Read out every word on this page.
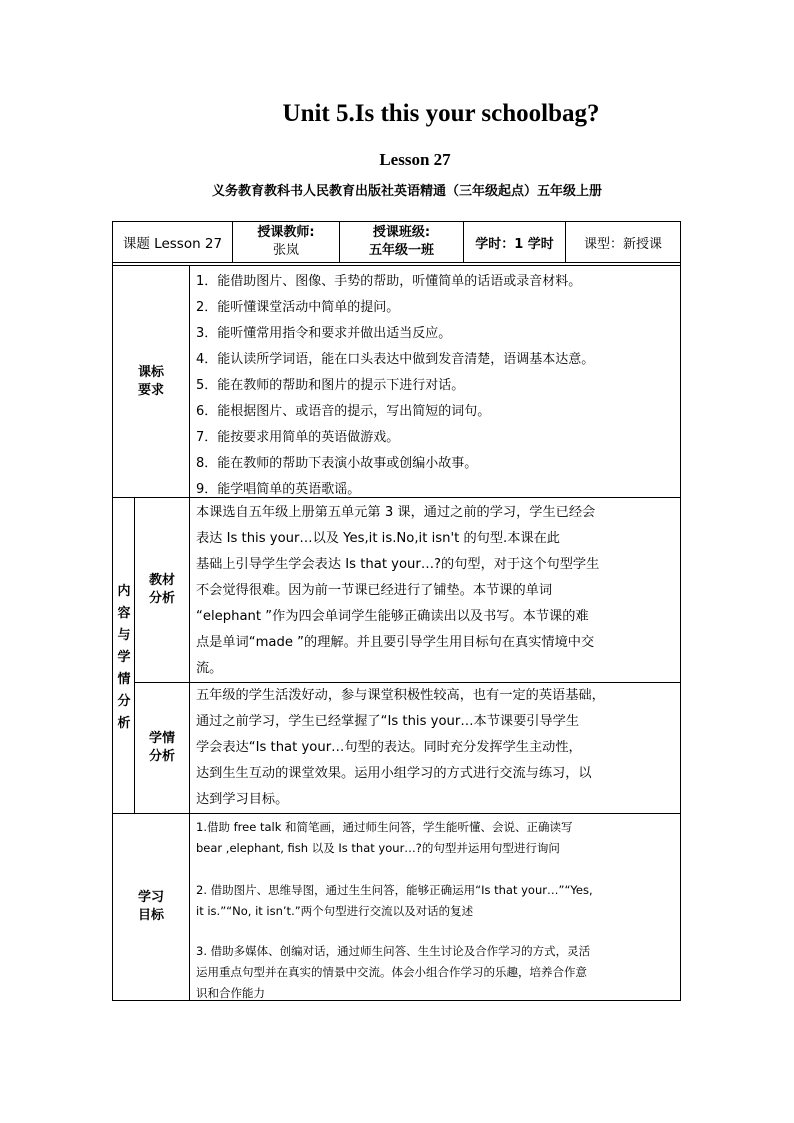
Unit 5.Is this your schoolbag?
Lesson 27
义务教育教科书人民教育出版社英语精通（三年级起点）五年级上册
课题 Lesson 27
授课教师:
张岚
授课班级:
五年级一班	学时：1 学时	课型：新授课
课标
要求
1．能借助图片、图像、手势的帮助，听懂简单的话语或录音材料。
2．能听懂课堂活动中简单的提问。
3．能听懂常用指令和要求并做出适当反应。
4．能认读所学词语，能在口头表达中做到发音清楚，语调基本达意。
5．能在教师的帮助和图片的提示下进行对话。
6．能根据图片、或语音的提示，写出简短的词句。
7．能按要求用简单的英语做游戏。
8．能在教师的帮助下表演小故事或创编小故事。
9．能学唱简单的英语歌谣。
内
容
与
学
情
分
析
教材
分析
本课选自五年级上册第五单元第 3 课，通过之前的学习，学生已经会
表达 Is this your…以及 Yes,it is.No,it isn't 的句型.本课在此
基础上引导学生学会表达 Is that your…?的句型，对于这个句型学生
不会觉得很难。因为前一节课已经进行了铺垫。本节课的单词
“elephant ”作为四会单词学生能够正确读出以及书写。本节课的难
点是单词“made ”的理解。并且要引导学生用目标句在真实情境中交
流。
学情
分析
五年级的学生活泼好动，参与课堂积极性较高，也有一定的英语基础，
通过之前学习，学生已经掌握了“Is this your…本节课要引导学生
学会表达“Is that your…句型的表达。同时充分发挥学生主动性，
达到生生互动的课堂效果。运用小组学习的方式进行交流与练习，以
达到学习目标。
学习
目标
1.借助 free talk 和简笔画，通过师生问答，学生能听懂、会说、正确读写
bear ,elephant, fish 以及 Is that your…?的句型并运用句型进行询问
2. 借助图片、思维导图，通过生生问答，能够正确运用“Is that your…”“Yes,
it is.”“No, it isn’t.”两个句型进行交流以及对话的复述
3. 借助多媒体、创编对话，通过师生问答、生生讨论及合作学习的方式，灵活
运用重点句型并在真实的情景中交流。体会小组合作学习的乐趣，培养合作意
识和合作能力
